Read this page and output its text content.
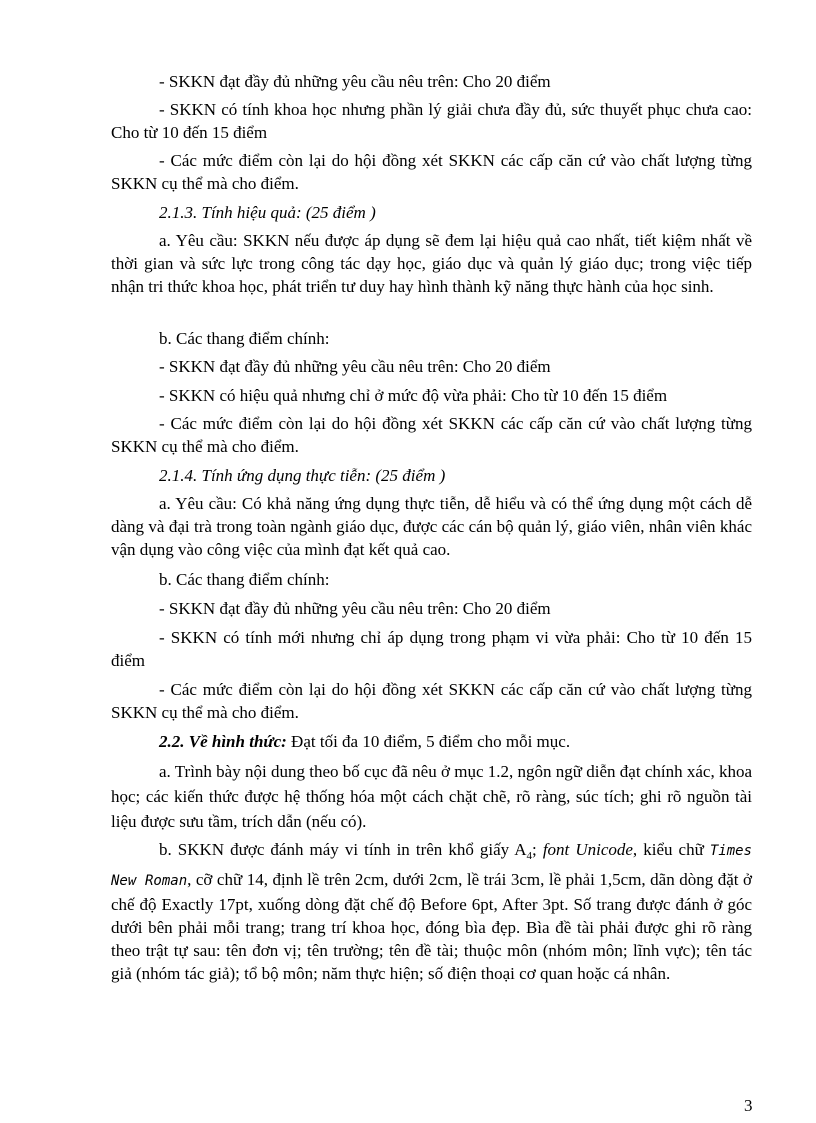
- SKKN đạt đầy đủ những yêu cầu nêu trên: Cho 20 điểm

- SKKN có tính khoa học nhưng phần lý giải chưa đầy đủ, sức thuyết phục chưa cao: Cho từ 10 đến 15 điểm

- Các mức điểm còn lại do hội đồng xét SKKN các cấp căn cứ vào chất lượng từng SKKN cụ thể mà cho điểm.

2.1.3. Tính hiệu quả: (25 điểm )

a. Yêu cầu: SKKN nếu được áp dụng sẽ đem lại hiệu quả cao nhất, tiết kiệm nhất về thời gian và sức lực trong công tác dạy học, giáo dục và quản lý giáo dục; trong việc tiếp nhận tri thức khoa học, phát triển tư duy hay hình thành kỹ năng thực hành của học sinh.

b. Các thang điểm chính:

- SKKN đạt đầy đủ những yêu cầu nêu trên: Cho 20 điểm

- SKKN có hiệu quả nhưng chỉ ở mức độ vừa phải: Cho từ 10 đến 15 điểm

- Các mức điểm còn lại do hội đồng xét SKKN các cấp căn cứ vào chất lượng từng SKKN cụ thể mà cho điểm.

2.1.4. Tính ứng dụng thực tiễn: (25 điểm )

a. Yêu cầu: Có khả năng ứng dụng thực tiễn, dễ hiểu và có thể ứng dụng một cách dễ dàng và đại trà trong toàn ngành giáo dục, được các cán bộ quản lý, giáo viên, nhân viên khác vận dụng vào công việc của mình đạt kết quả cao.

b. Các thang điểm chính:

- SKKN đạt đầy đủ những yêu cầu nêu trên: Cho 20 điểm

- SKKN có tính mới nhưng chỉ áp dụng trong phạm vi vừa phải: Cho từ 10 đến 15 điểm

- Các mức điểm còn lại do hội đồng xét SKKN các cấp căn cứ vào chất lượng từng SKKN cụ thể mà cho điểm.

2.2. Về hình thức: Đạt tối đa 10 điểm, 5 điểm cho mỗi mục.

a. Trình bày nội dung theo bố cục đã nêu ở mục 1.2, ngôn ngữ diễn đạt chính xác, khoa học; các kiến thức được hệ thống hóa một cách chặt chẽ, rõ ràng, súc tích; ghi rõ nguồn tài liệu được sưu tầm, trích dẫn (nếu có).

b. SKKN được đánh máy vi tính in trên khổ giấy $A_4$; font Unicode, kiểu chữ Times New Roman, cỡ chữ 14, định lề trên 2cm, dưới 2cm, lề trái 3cm, lề phải 1,5cm, dãn dòng đặt ở chế độ Exactly 17pt, xuống dòng đặt chế độ Before 6pt, After 3pt. Số trang được đánh ở góc dưới bên phải mỗi trang; trang trí khoa học, đóng bìa đẹp. Bìa đề tài phải được ghi rõ ràng theo trật tự sau: tên đơn vị; tên trường; tên đề tài; thuộc môn (nhóm môn; lĩnh vực); tên tác giả (nhóm tác giả); tổ bộ môn; năm thực hiện; số điện thoại cơ quan hoặc cá nhân.

3
